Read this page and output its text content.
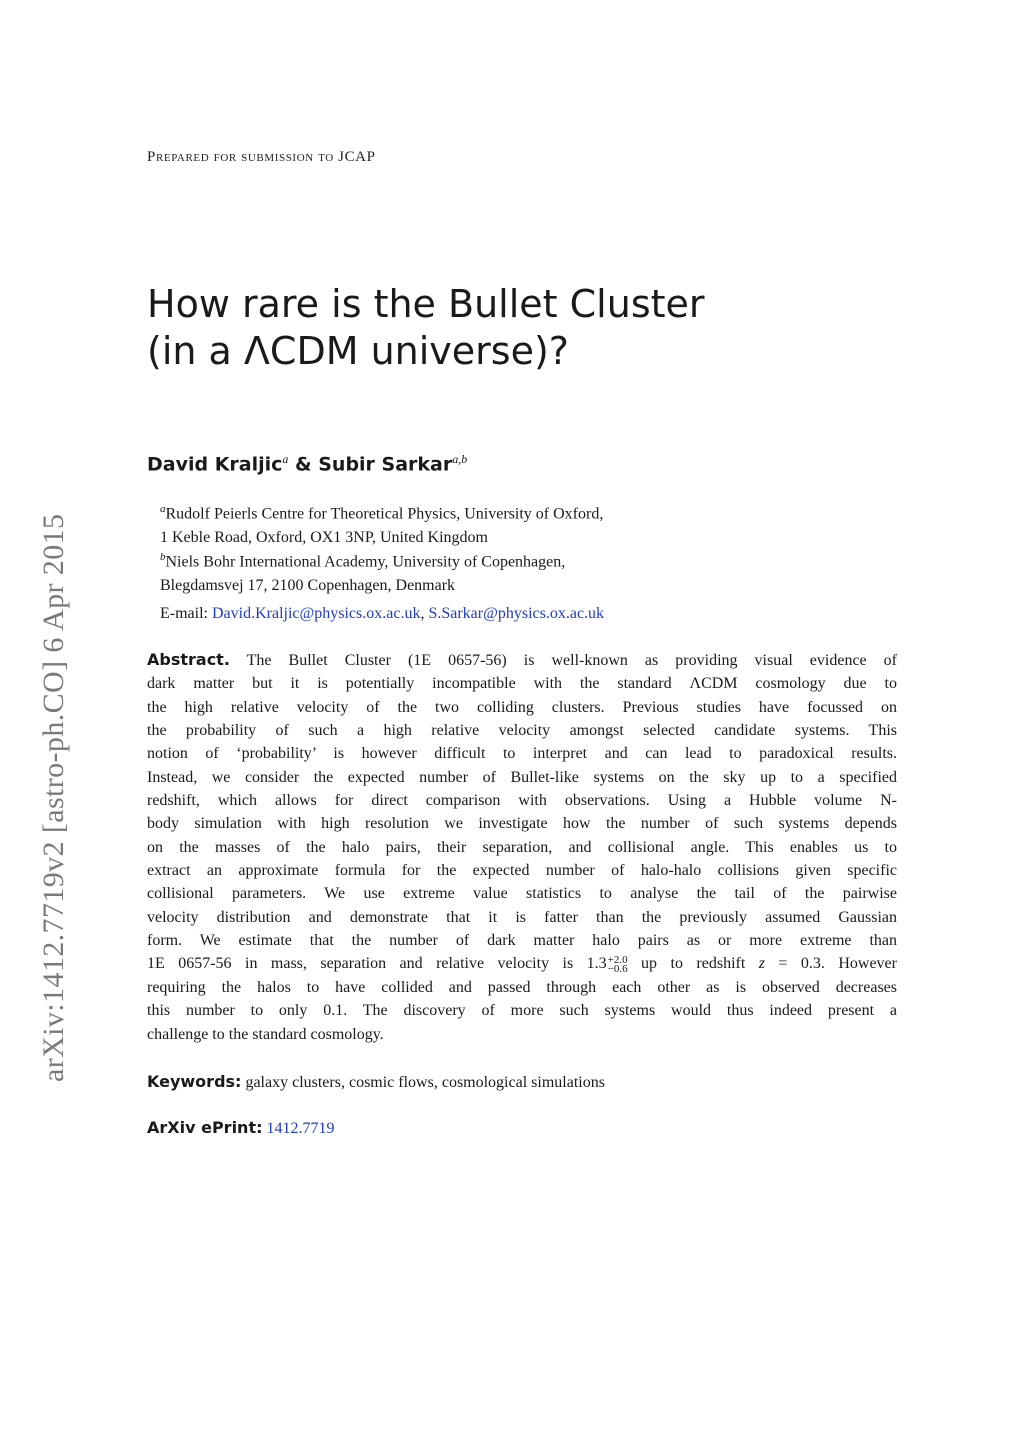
arXiv:1412.7719v2 [astro-ph.CO] 6 Apr 2015
Prepared for submission to JCAP
How rare is the Bullet Cluster
(in a ΛCDM universe)?
David Kraljic$^a$ & Subir Sarkar$^{a,b}$
$^a$Rudolf Peierls Centre for Theoretical Physics, University of Oxford,
1 Keble Road, Oxford, OX1 3NP, United Kingdom
$^b$Niels Bohr International Academy, University of Copenhagen,
Blegdamsvej 17, 2100 Copenhagen, Denmark
E-mail: David.Kraljic@physics.ox.ac.uk, S.Sarkar@physics.ox.ac.uk
Abstract. The Bullet Cluster (1E 0657-56) is well-known as providing visual evidence of
dark matter but it is potentially incompatible with the standard ΛCDM cosmology due to
the high relative velocity of the two colliding clusters. Previous studies have focussed on
the probability of such a high relative velocity amongst selected candidate systems. This
notion of ‘probability’ is however difficult to interpret and can lead to paradoxical results.
Instead, we consider the expected number of Bullet-like systems on the sky up to a specified
redshift, which allows for direct comparison with observations. Using a Hubble volume N-
body simulation with high resolution we investigate how the number of such systems depends
on the masses of the halo pairs, their separation, and collisional angle. This enables us to
extract an approximate formula for the expected number of halo-halo collisions given specific
collisional parameters. We use extreme value statistics to analyse the tail of the pairwise
velocity distribution and demonstrate that it is fatter than the previously assumed Gaussian
form. We estimate that the number of dark matter halo pairs as or more extreme than
1E 0657-56 in mass, separation and relative velocity is 1.3 +2.0
−0.6 up to redshift z = 0.3. However
requiring the halos to have collided and passed through each other as is observed decreases
this number to only 0.1. The discovery of more such systems would thus indeed present a
challenge to the standard cosmology.
Keywords: galaxy clusters, cosmic flows, cosmological simulations
ArXiv ePrint: 1412.7719
